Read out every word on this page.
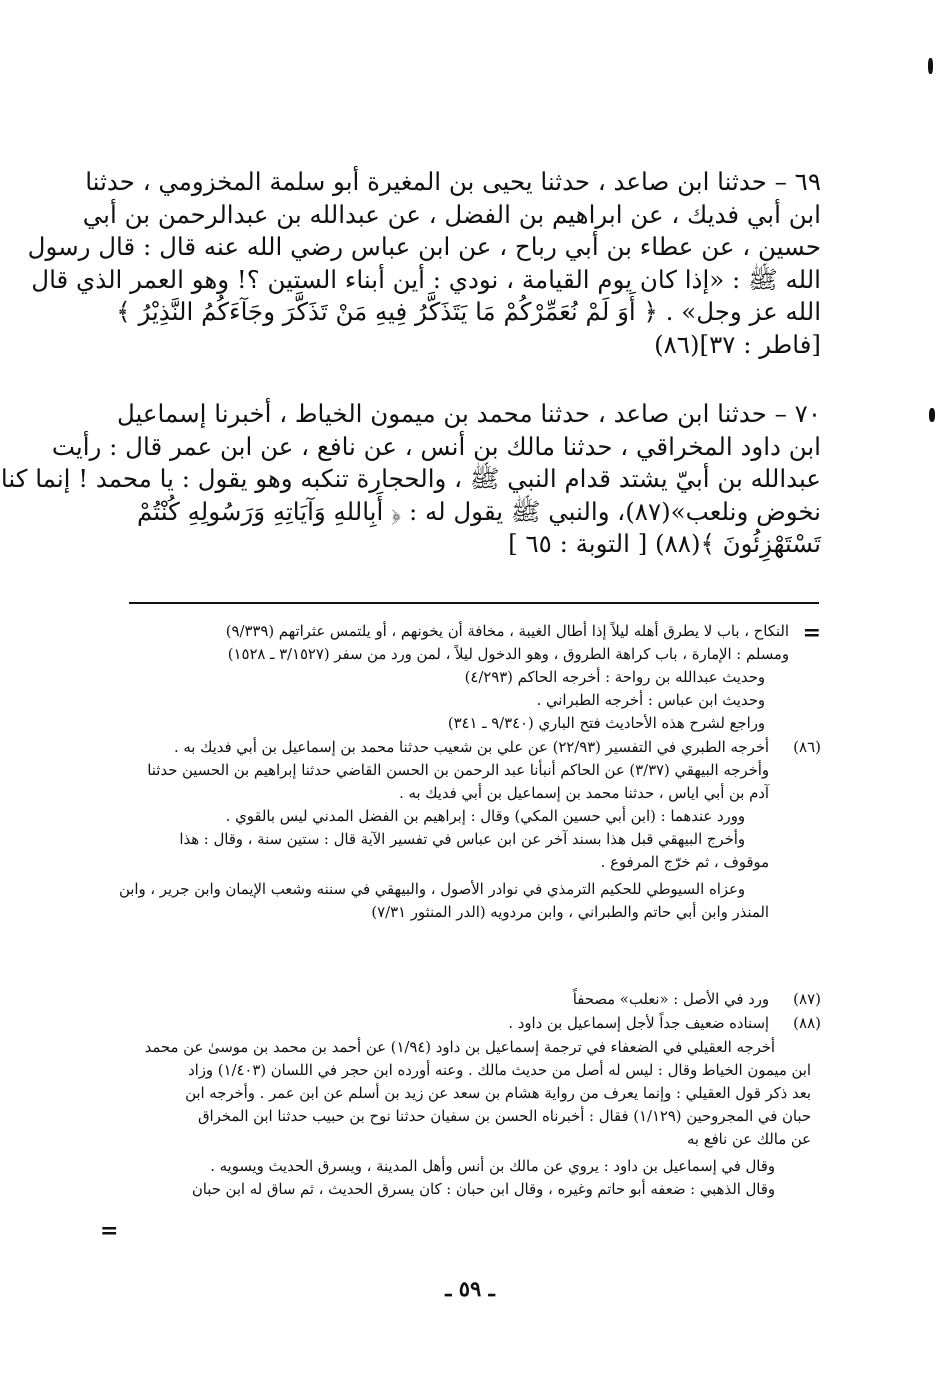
٦٩ – حدثنا ابن صاعد ، حدثنا يحيى بن المغيرة أبو سلمة المخزومي ، حدثنا
ابن أبي فديك ، عن ابراهيم بن الفضل ، عن عبدالله بن عبدالرحمن بن أبي
حسين ، عن عطاء بن أبي رباح ، عن ابن عباس رضي الله عنه قال : قال رسول
الله ﷺ : «إذا كان يوم القيامة ، نودي : أين أبناء الستين ؟! وهو العمر الذي قال
الله عز وجل» . ﴿ أَوَ لَمْ نُعَمِّرْكُمْ مَا يَتَذَكَّرُ فِيهِ مَنْ تَذَكَّرَ وجَآءَكُمُ النَّذِيْرُ ﴾
[فاطر : ٣٧](٨٦)
٧٠ – حدثنا ابن صاعد ، حدثنا محمد بن ميمون الخياط ، أخبرنا إسماعيل
ابن داود المخراقي ، حدثنا مالك بن أنس ، عن نافع ، عن ابن عمر قال : رأيت
عبدالله بن أبيّ يشتد قدام النبي ﷺ ، والحجارة تنكبه وهو يقول : يا محمد ! إنما كنا
نخوض ونلعب»(٨٧)، والنبي ﷺ يقول له : ﴿ أَبِاللهِ وَآيَاتِهِ وَرَسُولِهِ كُنْتُمْ
تَسْتَهْزِئُونَ ﴾(٨٨) [ التوبة : ٦٥ ]
=
النكاح ، باب لا يطرق أهله ليلاً إذا أطال الغيبة ، مخافة أن يخونهم ، أو يلتمس عثراتهم (٩/٣٣٩)
ومسلم : الإمارة ، باب كراهة الطروق ، وهو الدخول ليلاً ، لمن ورد من سفر (٣/١٥٢٧ ـ ١٥٢٨)
وحديث عبدالله بن رواحة : أخرجه الحاكم (٤/٢٩٣)
وحديث ابن عباس : أخرجه الطبراني .
وراجع لشرح هذه الأحاديث فتح الباري (٩/٣٤٠ ـ ٣٤١)
(٨٦)
أخرجه الطبري في التفسير (٢٢/٩٣) عن علي بن شعيب حدثنا محمد بن إسماعيل بن أبي فديك به .
وأخرجه البيهقي (٣/٣٧) عن الحاكم أنبأنا عبد الرحمن بن الحسن القاضي حدثنا إبراهيم بن الحسين حدثنا
آدم بن أبي اياس ، حدثنا محمد بن إسماعيل بن أبي فديك به .
وورد عندهما : (ابن أبي حسين المكي) وقال : إبراهيم بن الفضل المدني ليس بالقوي .
وأخرج البيهقي قبل هذا بسند آخر عن ابن عباس في تفسير الآية قال : ستين سنة ، وقال : هذا
موقوف ، ثم خرّج المرفوع .
وعزاه السيوطي للحكيم الترمذي في نوادر الأصول ، والبيهقي في سننه وشعب الإيمان وابن جرير ، وابن
المنذر وابن أبي حاتم والطبراني ، وابن مردويه (الدر المنثور ٧/٣١)
(٨٧)
ورد في الأصل : «نعلب» مصحفاً
(٨٨)
إسناده ضعيف جداً لأجل إسماعيل بن داود .
أخرجه العقيلي في الضعفاء في ترجمة إسماعيل بن داود (١/٩٤) عن أحمد بن محمد بن موسىٰ عن محمد
ابن ميمون الخياط وقال : ليس له أصل من حديث مالك . وعنه أورده ابن حجر في اللسان (١/٤٠٣) وزاد
بعد ذكر قول العقيلي : وإنما يعرف من رواية هشام بن سعد عن زيد بن أسلم عن ابن عمر . وأخرجه ابن
حبان في المجروحين (١/١٢٩) فقال : أخبرناه الحسن بن سفيان حدثنا نوح بن حبيب حدثنا ابن المخراق
عن مالك عن نافع به
وقال في إسماعيل بن داود : يروي عن مالك بن أنس وأهل المدينة ، ويسرق الحديث ويسويه .
وقال الذهبي : ضعفه أبو حاتم وغيره ، وقال ابن حبان : كان يسرق الحديث ، ثم ساق له ابن حبان
=
ـ ٥٩ ـ
